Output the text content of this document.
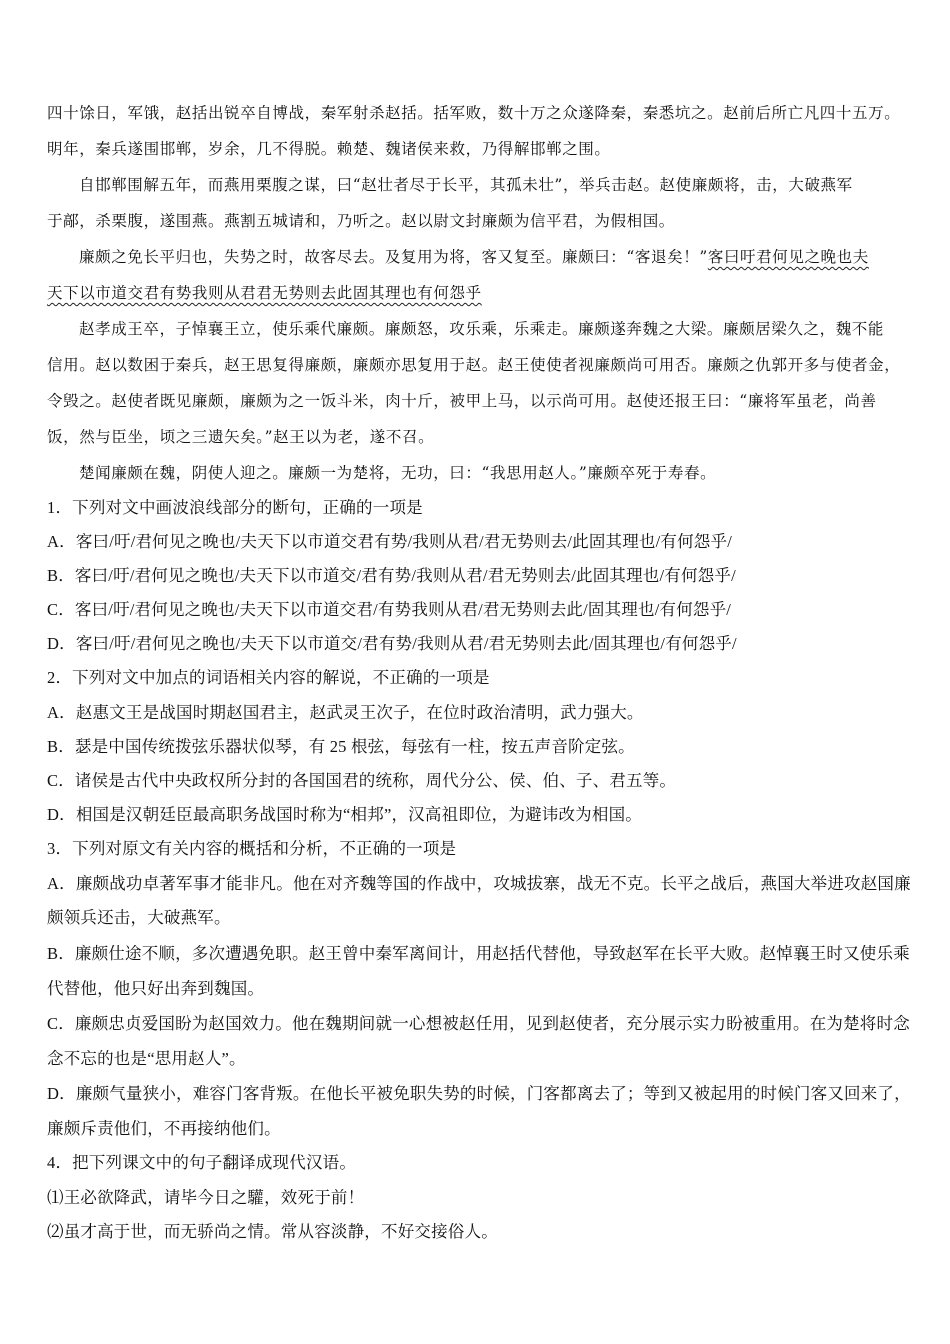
四十馀日，军饿，赵括出锐卒自博战，秦军射杀赵括。括军败，数十万之众遂降秦，秦悉坑之。赵前后所亡凡四十五万。
明年，秦兵遂围邯郸，岁余，几不得脱。赖楚、魏诸侯来救，乃得解邯郸之围。
自邯郸围解五年，而燕用栗腹之谋，曰“赵壮者尽于长平，其孤未壮”，举兵击赵。赵使廉颇将，击，大破燕军
于鄗，杀栗腹，遂围燕。燕割五城请和，乃听之。赵以尉文封廉颇为信平君，为假相国。
廉颇之免长平归也，失势之时，故客尽去。及复用为将，客又复至。廉颇曰：“客退矣！”客曰吁君何见之晚也夫
天下以市道交君有势我则从君君无势则去此固其理也有何怨乎
赵孝成王卒，子悼襄王立，使乐乘代廉颇。廉颇怒，攻乐乘，乐乘走。廉颇遂奔魏之大梁。廉颇居梁久之，魏不能
信用。赵以数困于秦兵，赵王思复得廉颇，廉颇亦思复用于赵。赵王使使者视廉颇尚可用否。廉颇之仇郭开多与使者金，
令毁之。赵使者既见廉颇，廉颇为之一饭斗米，肉十斤，被甲上马，以示尚可用。赵使还报王曰：“廉将军虽老，尚善
饭，然与臣坐，顷之三遗矢矣。”赵王以为老，遂不召。
楚闻廉颇在魏，阴使人迎之。廉颇一为楚将，无功，曰：“我思用赵人。”廉颇卒死于寿春。
1．下列对文中画波浪线部分的断句，正确的一项是
A．客曰/吁/君何见之晚也/夫天下以市道交君有势/我则从君/君无势则去/此固其理也/有何怨乎/
B．客曰/吁/君何见之晚也/夫天下以市道交/君有势/我则从君/君无势则去/此固其理也/有何怨乎/
C．客曰/吁/君何见之晚也/夫天下以市道交君/有势我则从君/君无势则去此/固其理也/有何怨乎/
D．客曰/吁/君何见之晚也/夫天下以市道交/君有势/我则从君/君无势则去此/固其理也/有何怨乎/
2．下列对文中加点的词语相关内容的解说，不正确的一项是
A．赵惠文王是战国时期赵国君主，赵武灵王次子，在位时政治清明，武力强大。
B．瑟是中国传统拨弦乐器状似琴，有 25 根弦，每弦有一柱，按五声音阶定弦。
C．诸侯是古代中央政权所分封的各国国君的统称，周代分公、侯、伯、子、君五等。
D．相国是汉朝廷臣最高职务战国时称为“相邦”，汉高祖即位，为避讳改为相国。
3．下列对原文有关内容的概括和分析，不正确的一项是
A．廉颇战功卓著军事才能非凡。他在对齐魏等国的作战中，攻城拔寨，战无不克。长平之战后，燕国大举进攻赵国廉
颇领兵还击，大破燕军。
B．廉颇仕途不顺，多次遭遇免职。赵王曾中秦军离间计，用赵括代替他，导致赵军在长平大败。赵悼襄王时又使乐乘
代替他，他只好出奔到魏国。
C．廉颇忠贞爱国盼为赵国效力。他在魏期间就一心想被赵任用，见到赵使者，充分展示实力盼被重用。在为楚将时念
念不忘的也是“思用赵人”。
D．廉颇气量狭小，难容门客背叛。在他长平被免职失势的时候，门客都离去了；等到又被起用的时候门客又回来了，
廉颇斥责他们，不再接纳他们。
4．把下列课文中的句子翻译成现代汉语。
⑴王必欲降武，请毕今日之驩，效死于前！
⑵虽才高于世，而无骄尚之情。常从容淡静，不好交接俗人。
